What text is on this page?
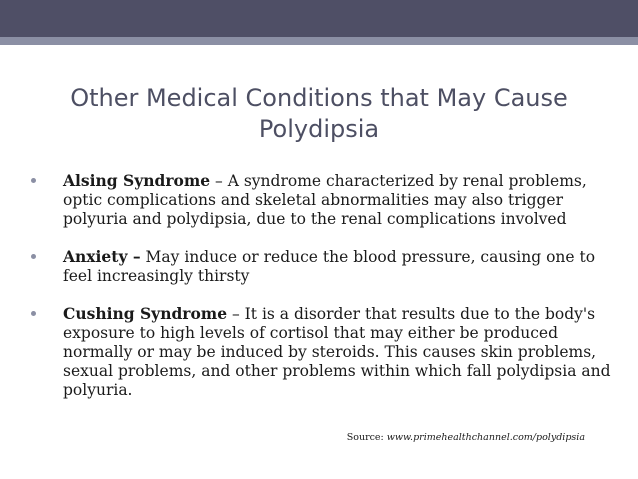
Other Medical Conditions that May Cause Polydipsia
Alsing Syndrome – A syndrome characterized by renal problems, optic complications and skeletal abnormalities may also trigger polyuria and polydipsia, due to the renal complications involved
Anxiety – May induce or reduce the blood pressure, causing one to feel increasingly thirsty
Cushing Syndrome – It is a disorder that results due to the body's exposure to high levels of cortisol that may either be produced normally or may be induced by steroids. This causes skin problems, sexual problems, and other problems within which fall polydipsia and polyuria.
Source: www.primehealthchannel.com/polydipsia
